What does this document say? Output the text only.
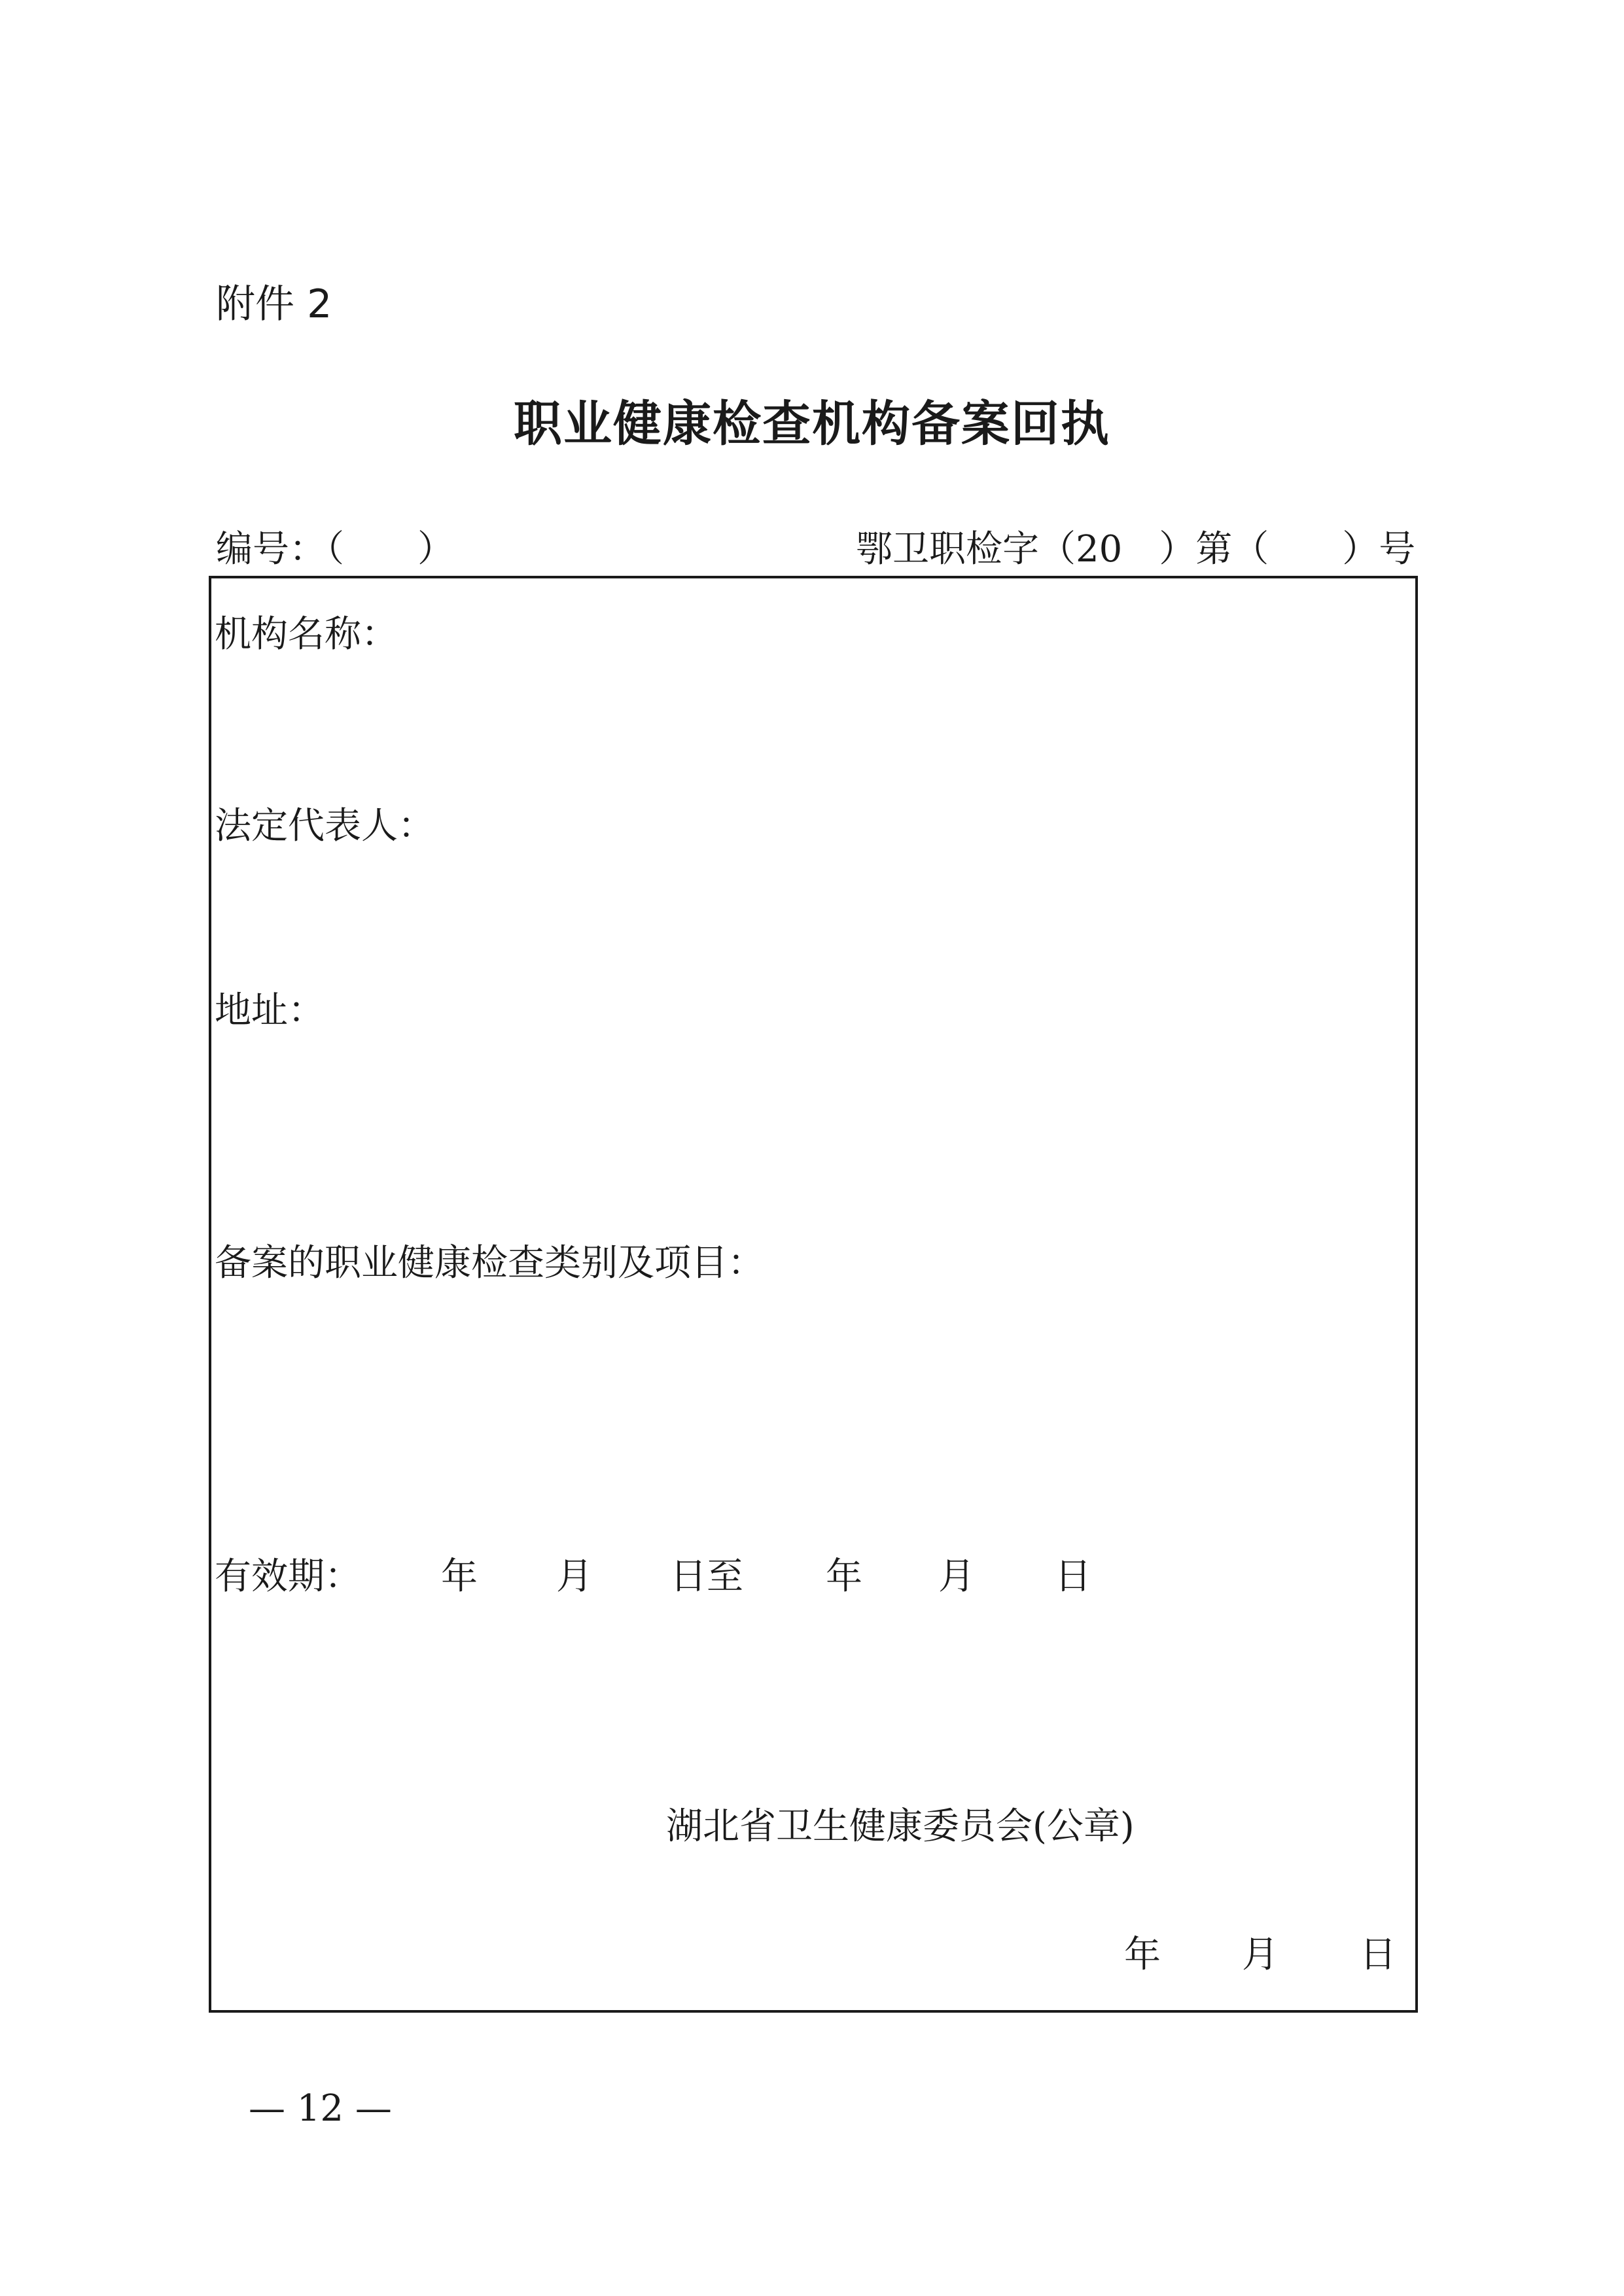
附件 2
职业健康检查机构备案回执
编号：（　　）	鄂卫职检字（20　）第（　　）号
机构名称：
法定代表人：
地址：
备案的职业健康检查类别及项目：
有效期： 年 月 日至 年 月 日
湖北省卫生健康委员会(公章)
年 月 日
— 12 —
